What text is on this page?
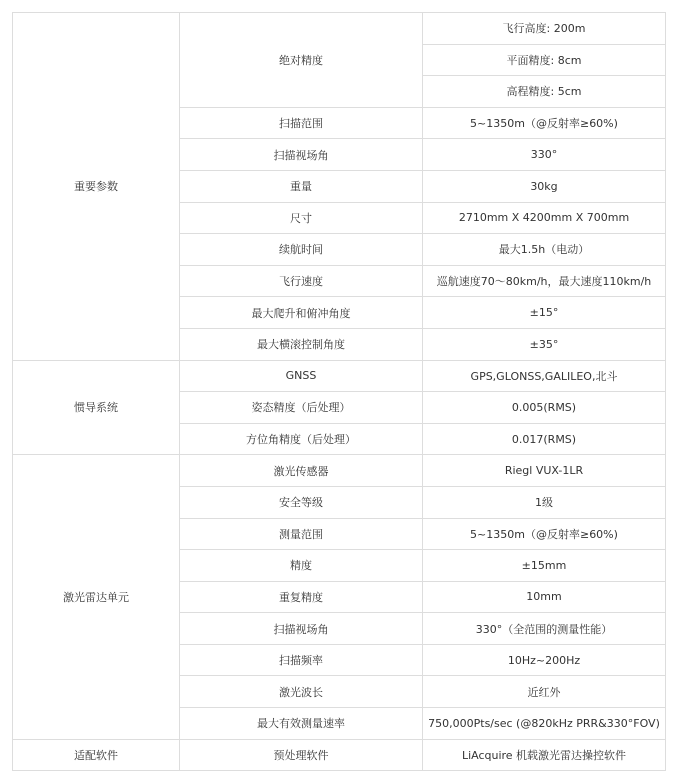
重要参数	绝对精度	飞行高度: 200m
		平面精度: 8cm
		高程精度: 5cm
	扫描范围	5~1350m（@反射率≥60%)
	扫描视场角	330°
	重量	30kg
	尺寸	2710mm X 4200mm X 700mm
	续航时间	最大1.5h（电动）
	飞行速度	巡航速度70～80km/h，最大速度110km/h
	最大爬升和俯冲角度	±15°
	最大横滚控制角度	±35°
惯导系统	GNSS	GPS,GLONSS,GALILEO,北斗
	姿态精度（后处理）	0.005(RMS)
	方位角精度（后处理）	0.017(RMS)
激光雷达单元	激光传感器	Riegl VUX-1LR
	安全等级	1级
	测量范围	5~1350m（@反射率≥60%)
	精度	±15mm
	重复精度	10mm
	扫描视场角	330°（全范围的测量性能）
	扫描频率	10Hz~200Hz
	激光波长	近红外
	最大有效测量速率	750,000Pts/sec (@820kHz PRR&330°FOV)
适配软件	预处理软件	LiAcquire 机载激光雷达操控软件
